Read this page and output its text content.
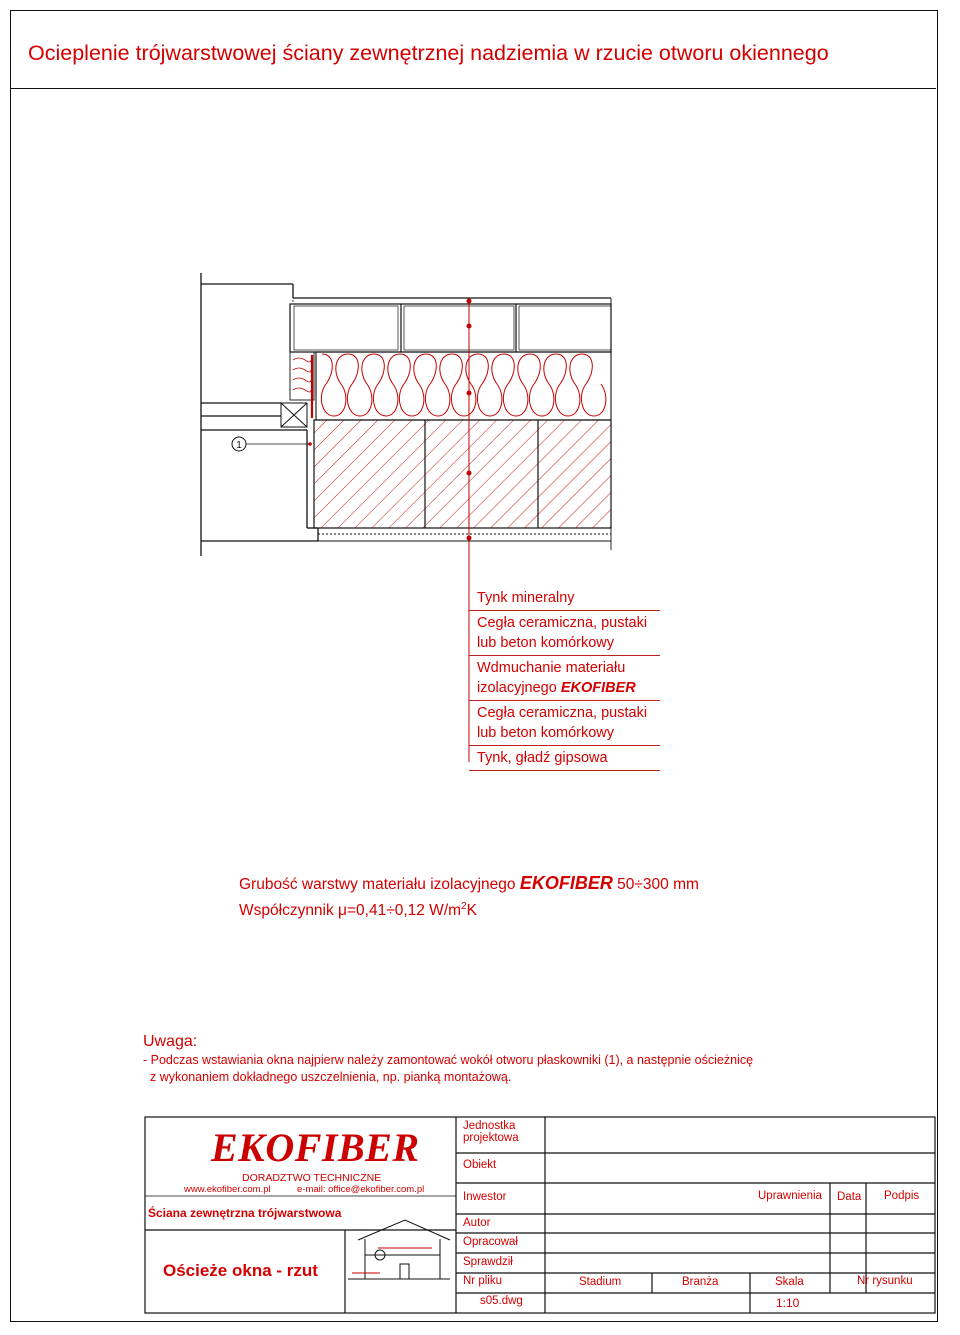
Ocieplenie trójwarstwowej ściany zewnętrznej nadziemia w rzucie otworu okiennego
1
Tynk mineralny
Cegła ceramiczna, pustaki
lub beton komórkowy
Wdmuchanie materiału
izolacyjnego EKOFIBER
Cegła ceramiczna, pustaki
lub beton komórkowy
Tynk, gładź gipsowa
Grubość warstwy materiału izolacyjnego EKOFIBER 50÷300 mm
Współczynnik μ=0,41÷0,12 $W/m^2K$
Uwaga:
- Podczas wstawiania okna najpierw należy zamontować wokół otworu płaskowniki (1), a następnie ościeżnicę
z wykonaniem dokładnego uszczelnienia, np. pianką montażową.
EKOFIBER
DORADZTWO TECHNICZNE
www.ekofiber.com.pl	e-mail: office@ekofiber.com.pl
Ściana zewnętrzna trójwarstwowa
Ościeże okna - rzut
Jednostka
projektowa
Obiekt
Inwestor	Uprawnienia Data Podpis
Autor
Opracował
Sprawdził
Nr pliku	Stadium	Branża	Skala	Nr rysunku
s05.dwg	1:10
